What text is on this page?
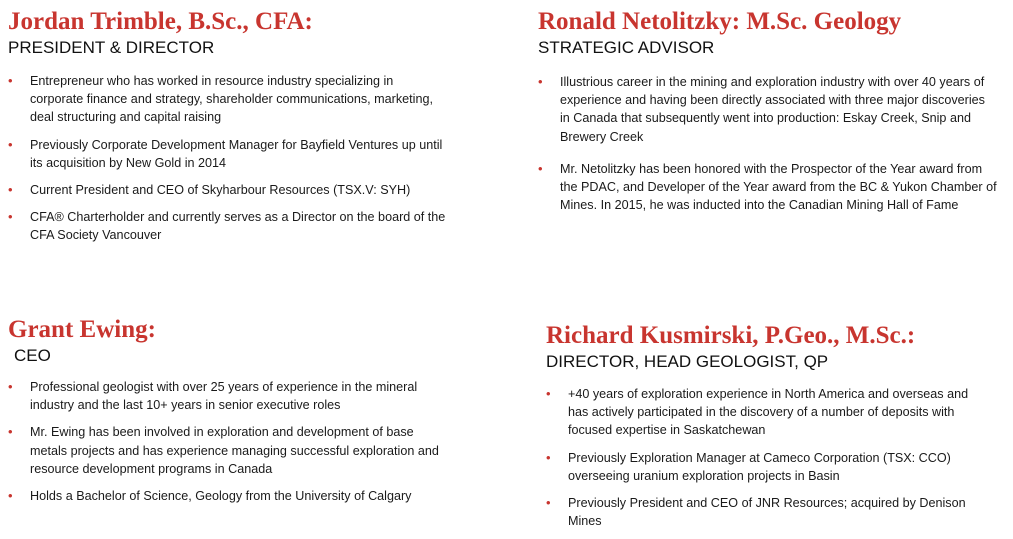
Jordan Trimble, B.Sc., CFA:
PRESIDENT & DIRECTOR
• Entrepreneur who has worked in resource industry specializing in corporate finance and strategy, shareholder communications, marketing, deal structuring and capital raising
• Previously Corporate Development Manager for Bayfield Ventures up until its acquisition by New Gold in 2014
• Current President and CEO of Skyharbour Resources (TSX.V: SYH)
• CFA® Charterholder and currently serves as a Director on the board of the CFA Society Vancouver
Ronald Netolitzky: M.Sc. Geology
STRATEGIC ADVISOR
• Illustrious career in the mining and exploration industry with over 40 years of experience and having been directly associated with three major discoveries in Canada that subsequently went into production: Eskay Creek, Snip and Brewery Creek
• Mr. Netolitzky has been honored with the Prospector of the Year award from the PDAC, and Developer of the Year award from the BC & Yukon Chamber of Mines. In 2015, he was inducted into the Canadian Mining Hall of Fame
Grant Ewing:
CEO
• Professional geologist with over 25 years of experience in the mineral industry and the last 10+ years in senior executive roles
• Mr. Ewing has been involved in exploration and development of base metals projects and has experience managing successful exploration and resource development programs in Canada
• Holds a Bachelor of Science, Geology from the University of Calgary
Richard Kusmirski, P.Geo., M.Sc.:
DIRECTOR, HEAD GEOLOGIST, QP
• +40 years of exploration experience in North America and overseas and has actively participated in the discovery of a number of deposits with focused expertise in Saskatchewan
• Previously Exploration Manager at Cameco Corporation (TSX: CCO) overseeing uranium exploration projects in Basin
• Previously President and CEO of JNR Resources; acquired by Denison Mines
